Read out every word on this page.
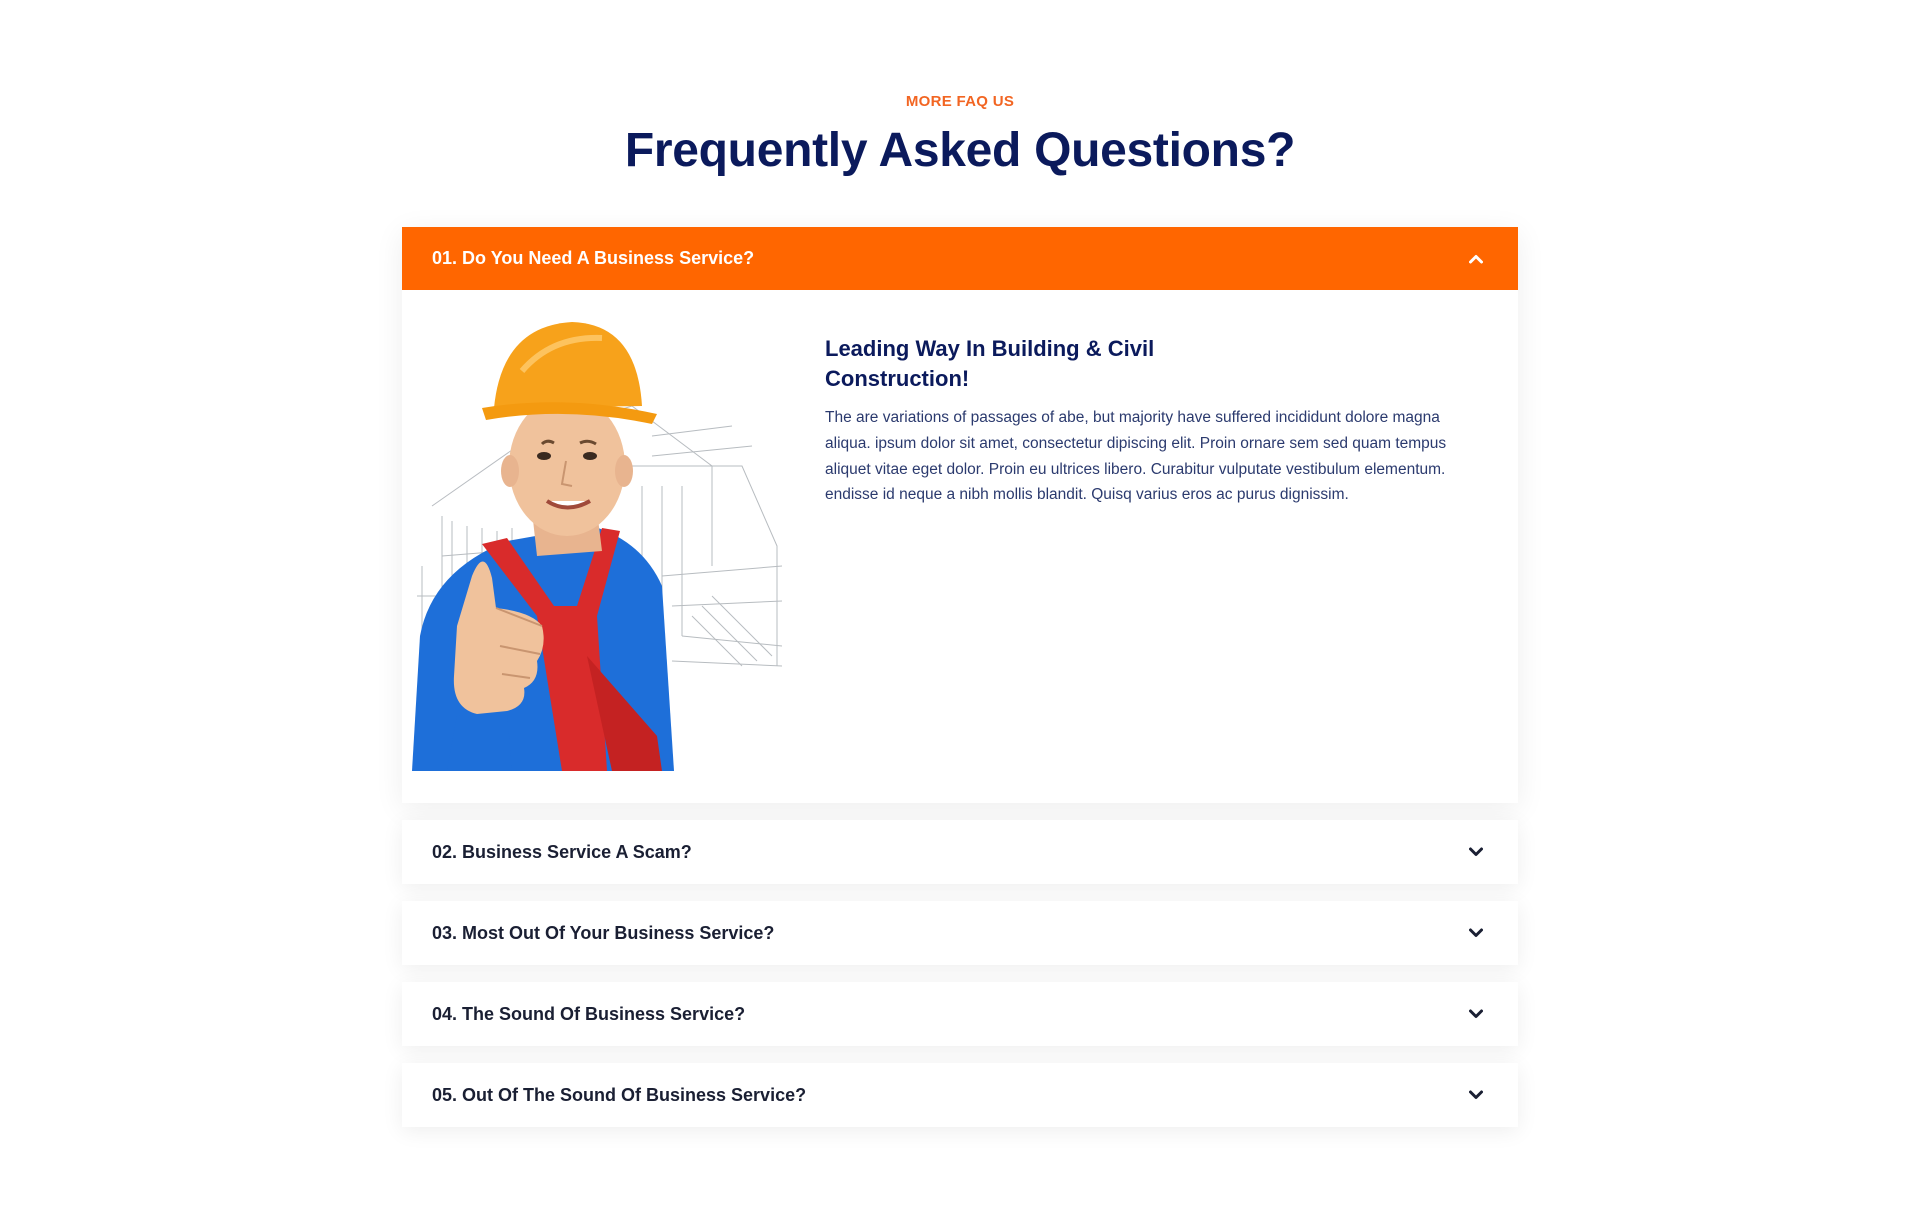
MORE FAQ US
Frequently Asked Questions?
01. Do You Need A Business Service?
Leading Way In Building & Civil Construction!

The are variations of passages of abe, but majority have suffered incididunt dolore magna aliqua. ipsum dolor sit amet, consectetur dipiscing elit. Proin ornare sem sed quam tempus aliquet vitae eget dolor. Proin eu ultrices libero. Curabitur vulputate vestibulum elementum. endisse id neque a nibh mollis blandit. Quisq varius eros ac purus dignissim.

02. Business Service A Scam?
03. Most Out Of Your Business Service?
04. The Sound Of Business Service?
05. Out Of The Sound Of Business Service?
